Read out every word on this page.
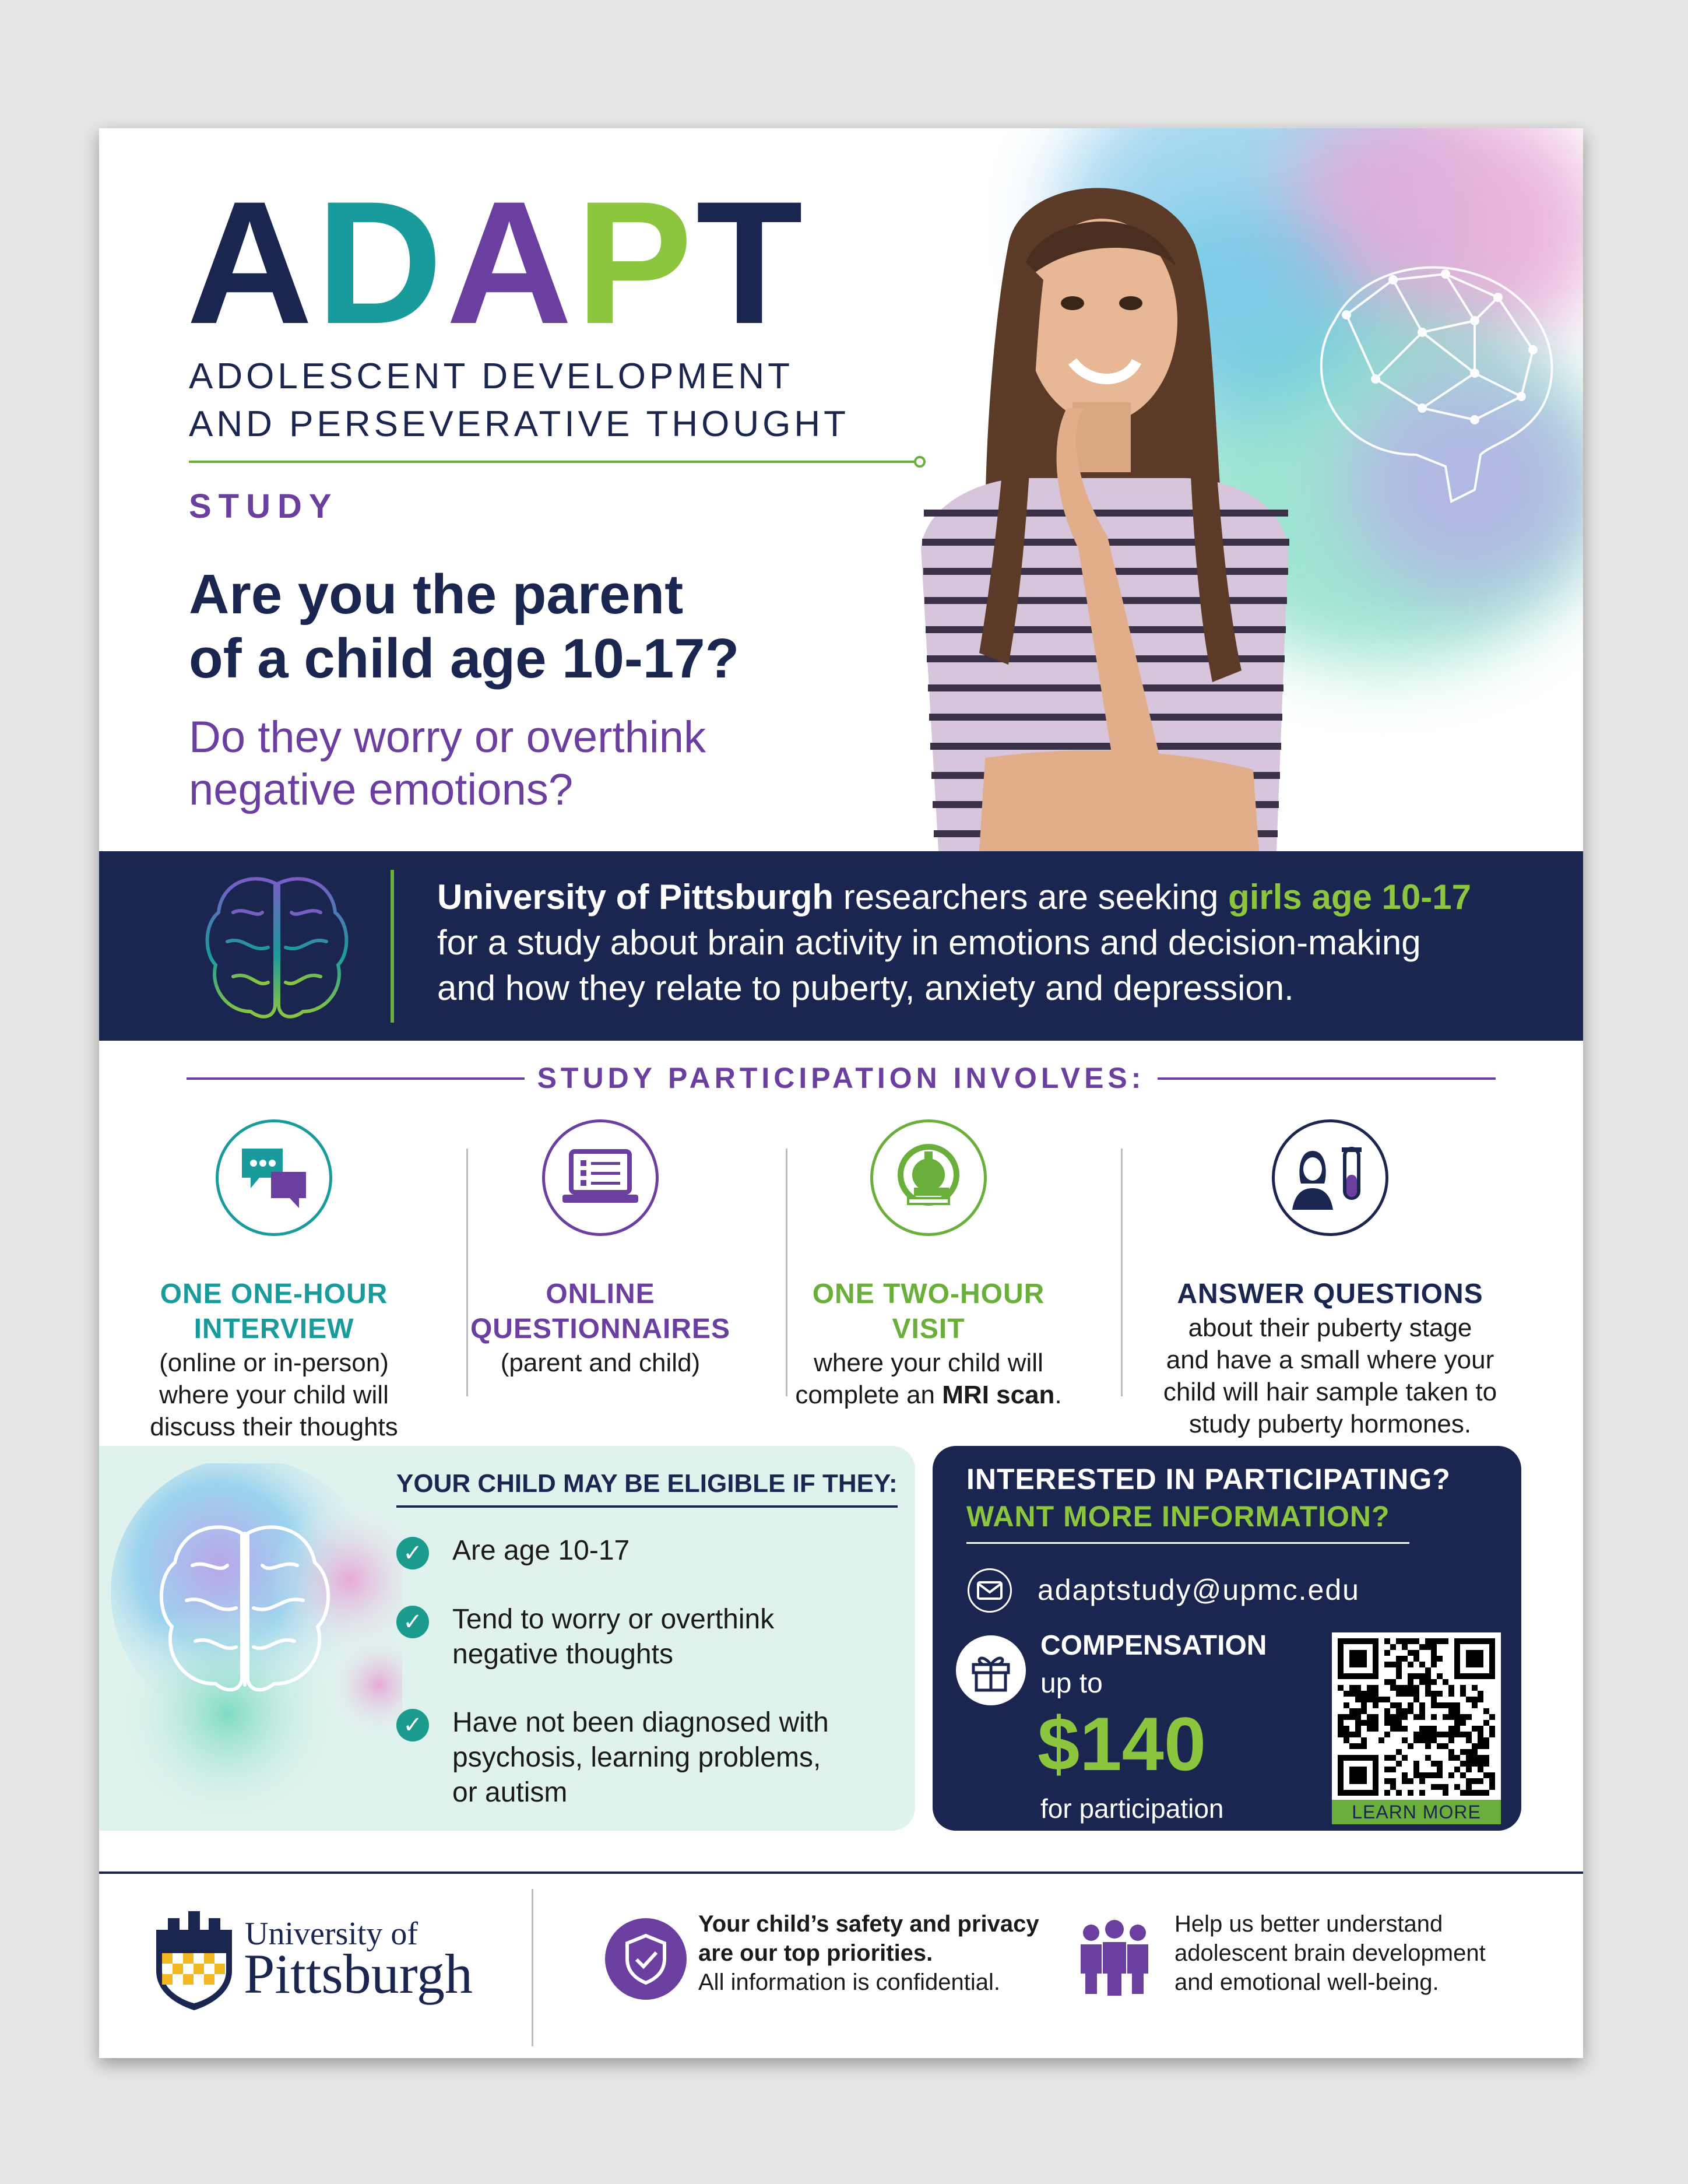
ADAPT
ADOLESCENT DEVELOPMENT
AND PERSEVERATIVE THOUGHT
STUDY
Are you the parent
of a child age 10-17?
Do they worry or overthink
negative emotions?
University of Pittsburgh researchers are seeking girls age 10-17
for a study about brain activity in emotions and decision-making
and how they relate to puberty, anxiety and depression.
STUDY PARTICIPATION INVOLVES:
ONE ONE-HOUR
INTERVIEW

(online or in-person)
where your child will
discuss their thoughts

ONLINE
QUESTIONNAIRES

(parent and child)

ONE TWO-HOUR
VISIT

where your child will
complete an MRI scan.

ANSWER QUESTIONS

about their puberty stage
and have a small where your
child will hair sample taken to
study puberty hormones.

YOUR CHILD MAY BE ELIGIBLE IF THEY:
✓ Are age 10-17
✓ Tend to worry or overthink
negative thoughts
✓ Have not been diagnosed with
psychosis, learning problems,
or autism
INTERESTED IN PARTICIPATING?
WANT MORE INFORMATION?
adaptstudy@upmc.edu
COMPENSATION
up to
$140
for participation	LEARN MORE
University of
Pittsburgh
Your child’s safety and privacy
are our top priorities.
All information is confidential.
Help us better understand
adolescent brain development
and emotional well-being.
